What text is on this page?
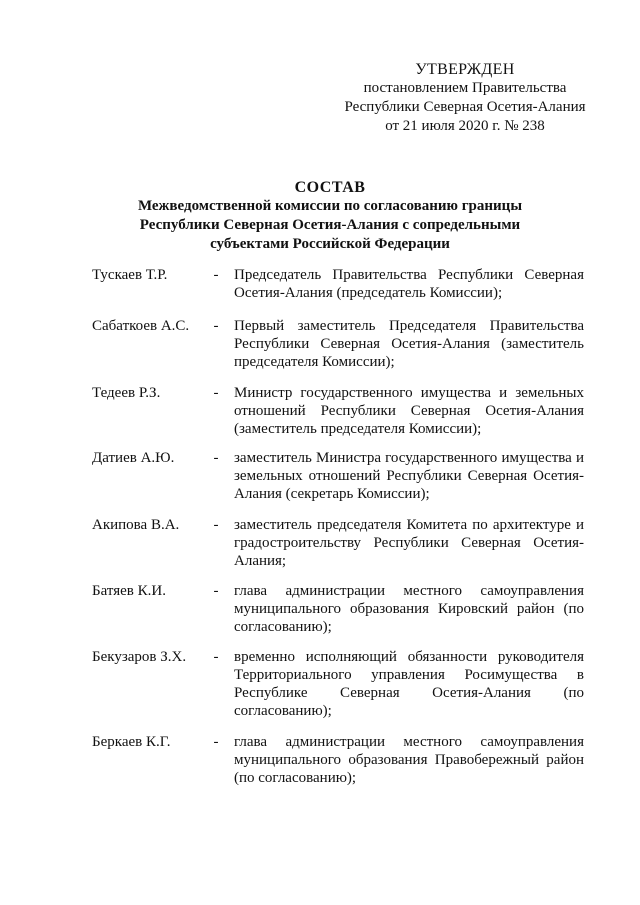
УТВЕРЖДЕН
постановлением Правительства
Республики Северная Осетия-Алания
от 21 июля 2020 г. № 238
СОСТАВ
Межведомственной комиссии по согласованию границы
Республики Северная Осетия-Алания с сопредельными
субъектами Российской Федерации
Тускаев Т.Р.	- Председатель Правительства Республики Северная Осетия-Алания (председатель Комиссии);
Сабаткоев А.С.	- Первый заместитель Председателя Правительства Республики Северная Осетия-Алания (заместитель председателя Комиссии);
Тедеев Р.З.	- Министр государственного имущества и земельных отношений Республики Северная Осетия-Алания (заместитель председателя Комиссии);
Датиев А.Ю.	- заместитель Министра государственного имущества и земельных отношений Республики Северная Осетия-Алания (секретарь Комиссии);
Акипова В.А.	- заместитель председателя Комитета по архитектуре и градостроительству Республики Северная Осетия-Алания;
Батяев К.И.	- глава администрации местного самоуправления муниципального образования Кировский район (по согласованию);
Бекузаров З.Х.	- временно исполняющий обязанности руководителя Территориального управления Росимущества в Республике Северная Осетия-Алания (по согласованию);
Беркаев К.Г.	- глава администрации местного самоуправления муниципального образования Правобережный район (по согласованию);
